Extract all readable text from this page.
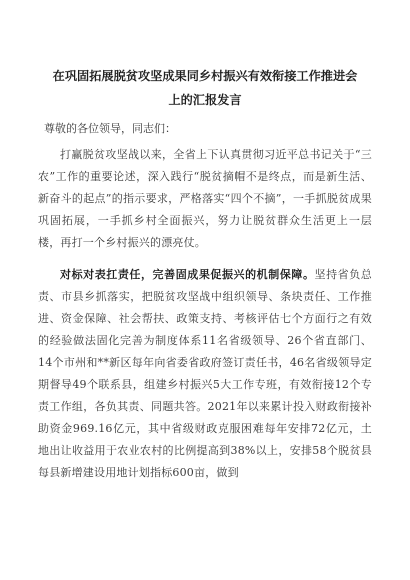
在巩固拓展脱贫攻坚成果同乡村振兴有效衔接工作推进会
上的汇报发言
尊敬的各位领导，同志们：

打赢脱贫攻坚战以来，全省上下认真贯彻习近平总书记关于“三农”工作的重要论述，深入践行“脱贫摘帽不是终点，而是新生活、新奋斗的起点”的指示要求，严格落实“四个不摘”，一手抓脱贫成果巩固拓展，一手抓乡村全面振兴，努力让脱贫群众生活更上一层楼，再打一个乡村振兴的漂亮仗。

对标对表扛责任，完善固成果促振兴的机制保障。坚持省负总责、市县乡抓落实，把脱贫攻坚战中组织领导、条块责任、工作推进、资金保障、社会帮扶、政策支持、考核评估七个方面行之有效的经验做法固化完善为制度体系11名省级领导、26个省直部门、14个市州和**新区每年向省委省政府签订责任书，46名省级领导定期督导49个联系县，组建乡村振兴5大工作专班，有效衔接12个专责工作组，各负其责、同题共答。2021年以来累计投入财政衔接补助资金969.16亿元，其中省级财政克服困难每年安排72亿元，土地出让收益用于农业农村的比例提高到38%以上，安排58个脱贫县每县新增建设用地计划指标600亩，做到
